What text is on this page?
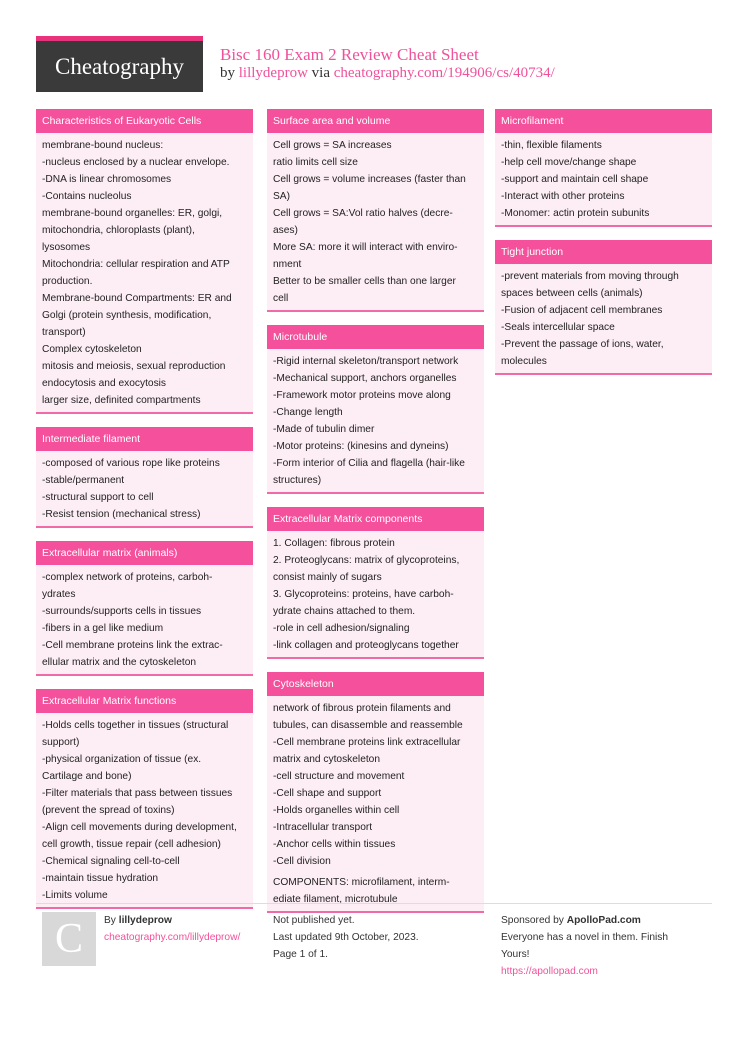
Cheatography	Bisc 160 Exam 2 Review Cheat Sheet
by lillydeprow via cheatography.com/194906/cs/40734/
Characteristics of Eukaryotic Cells
membrane-bound nucleus:
-nucleus enclosed by a nuclear envelope.
-DNA is linear chromosomes
-Contains nucleolus
membrane-bound organelles: ER, golgi,
mitochondria, chloroplasts (plant),
lysosomes
Mitochondria: cellular respiration and ATP
production.
Membrane-bound Compartments: ER and
Golgi (protein synthesis, modification,
transport)
Complex cytoskeleton
mitosis and meiosis, sexual reproduction
endocytosis and exocytosis
larger size, definited compartments
Intermediate filament
-composed of various rope like proteins
-stable/permanent
-structural support to cell
-Resist tension (mechanical stress)
Extracellular matrix (animals)
-complex network of proteins, carboh-
ydrates
-surrounds/supports cells in tissues
-fibers in a gel like medium
-Cell membrane proteins link the extrac-
ellular matrix and the cytoskeleton
Extracellular Matrix functions
-Holds cells together in tissues (structural
support)
-physical organization of tissue (ex.
Cartilage and bone)
-Filter materials that pass between tissues
(prevent the spread of toxins)
-Align cell movements during development,
cell growth, tissue repair (cell adhesion)
-Chemical signaling cell-to-cell
-maintain tissue hydration
-Limits volume
Surface area and volume
Cell grows = SA increases
ratio limits cell size
Cell grows = volume increases (faster than
SA)
Cell grows = SA:Vol ratio halves (decre-
ases)
More SA: more it will interact with enviro-
nment
Better to be smaller cells than one larger
cell
Microtubule
-Rigid internal skeleton/transport network
-Mechanical support, anchors organelles
-Framework motor proteins move along
-Change length
-Made of tubulin dimer
-Motor proteins: (kinesins and dyneins)
-Form interior of Cilia and flagella (hair-like
structures)
Extracellular Matrix components
1. Collagen: fibrous protein
2. Proteoglycans: matrix of glycoproteins,
consist mainly of sugars
3. Glycoproteins: proteins, have carboh-
ydrate chains attached to them.
-role in cell adhesion/signaling
-link collagen and proteoglycans together
Cytoskeleton
network of fibrous protein filaments and
tubules, can disassemble and reassemble
-Cell membrane proteins link extracellular
matrix and cytoskeleton
-cell structure and movement
-Cell shape and support
-Holds organelles within cell
-Intracellular transport
-Anchor cells within tissues
-Cell division
COMPONENTS: microfilament, interm-
ediate filament, microtubule
Microfilament
-thin, flexible filaments
-help cell move/change shape
-support and maintain cell shape
-Interact with other proteins
-Monomer: actin protein subunits
Tight junction
-prevent materials from moving through
spaces between cells (animals)
-Fusion of adjacent cell membranes
-Seals intercellular space
-Prevent the passage of ions, water,
molecules
C	By lillydeprow
cheatography.com/lillydeprow/
Not published yet.
Last updated 9th October, 2023.
Page 1 of 1.
Sponsored by ApolloPad.com
Everyone has a novel in them. Finish
Yours!
https://apollopad.com
